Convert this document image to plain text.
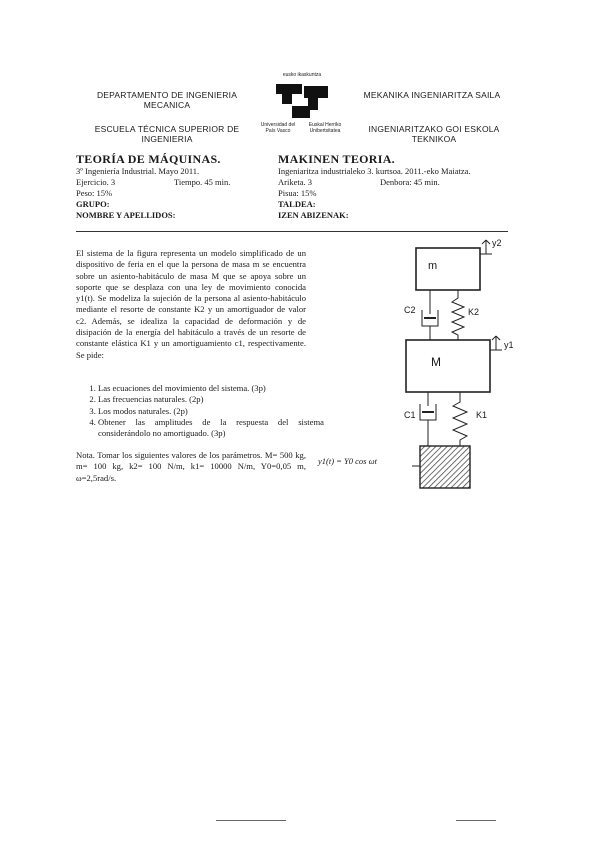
DEPARTAMENTO DE INGENIERIA MECANICA
ESCUELA TÉCNICA SUPERIOR DE INGENIERIA
eusko ikaskuntza
Universidad del País Vasco
Euskal Herriko Unibertsitatea
MEKANIKA INGENIARITZA SAILA
INGENIARITZAKO GOI ESKOLA TEKNIKOA
TEORÍA DE MÁQUINAS.	MAKINEN TEORIA.
3º Ingeniería Industrial. Mayo 2011.
Ejercicio. 3	Tiempo. 45 min.
Peso: 15%
GRUPO:
NOMBRE Y APELLIDOS:
Ingeniaritza industrialeko 3. kurtsoa. 2011.-eko Maiatza.
Ariketa. 3	Denbora: 45 min.
Pisua: 15%
TALDEA:
IZEN ABIZENAK:
El sistema de la figura representa un modelo simplificado de un dispositivo de feria en el que la persona de masa m se encuentra sobre un asiento-habitáculo de masa M que se apoya sobre un soporte que se desplaza con una ley de movimiento conocida y1(t). Se modeliza la sujeción de la persona al asiento-habitáculo mediante el resorte de constante K2 y un amortiguador de valor c2. Además, se idealiza la capacidad de deformación y de disipación de la energía del habitáculo a través de un resorte de constante elástica K1 y un amortiguamiento c1, respectivamente. Se pide:
1. Las ecuaciones del movimiento del sistema. (3p)
2. Las frecuencias naturales. (2p)
3. Los modos naturales. (2p)
4. Obtener las amplitudes de la respuesta del sistema considerándolo no amortiguado. (3p)
Nota. Tomar los siguientes valores de los parámetros. M= 500 kg, m= 100 kg, k2= 100 N/m, k1= 10000 N/m, Y0=0,05 m, ω=2,5rad/s.
m
M
C2	K2
C1	K1
y2
y1
y1(t) = Y0 cos ωt
